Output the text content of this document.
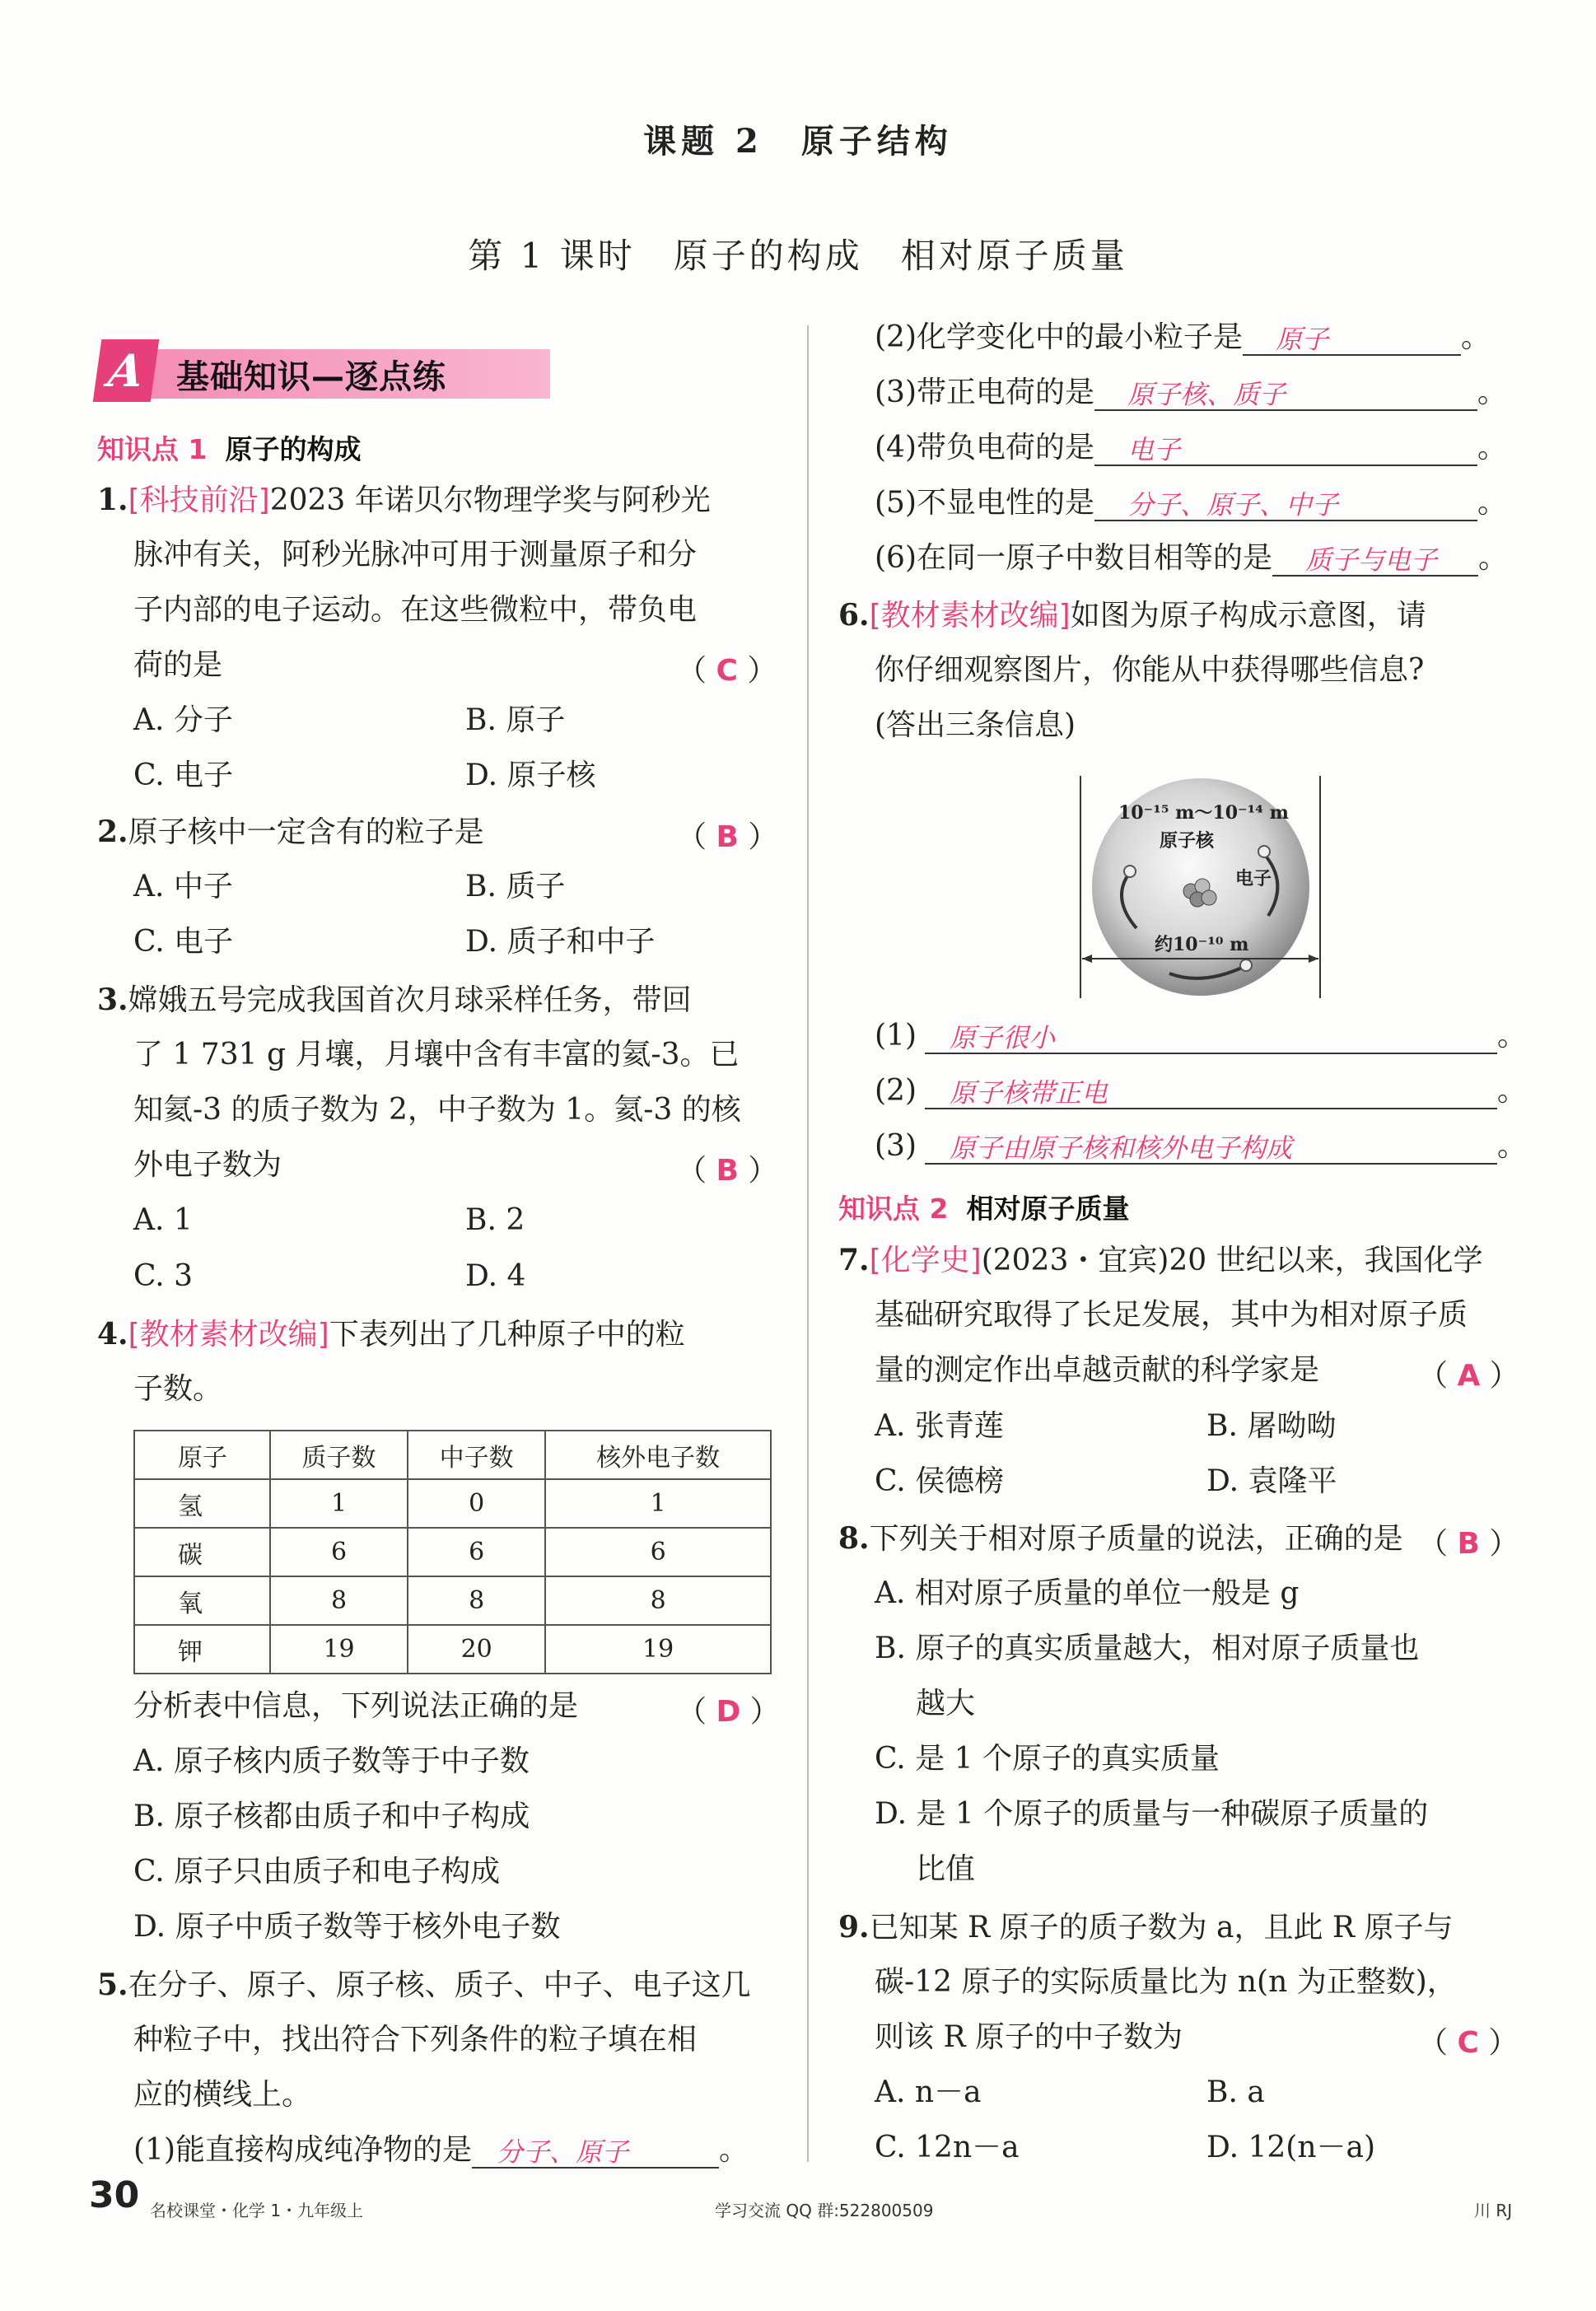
课题 2　原子结构
第 1 课时　原子的构成　相对原子质量
A 基础知识—逐点练
知识点 1 原子的构成
1.[科技前沿]2023 年诺贝尔物理学奖与阿秒光
脉冲有关，阿秒光脉冲可用于测量原子和分
子内部的电子运动。在这些微粒中，带负电
荷的是	（ C ）
A. 分子	B. 原子
C. 电子	D. 原子核
2.原子核中一定含有的粒子是	（ B ）
A. 中子	B. 质子
C. 电子	D. 质子和中子
3.嫦娥五号完成我国首次月球采样任务，带回
了 1 731 g 月壤，月壤中含有丰富的氦-3。已
知氦-3 的质子数为 2，中子数为 1。氦-3 的核
外电子数为	（ B ）
A. 1	B. 2
C. 3	D. 4
4.[教材素材改编]下表列出了几种原子中的粒
子数。
原子	质子数	中子数	核外电子数
氢	1	0	1
碳	6	6	6
氧	8	8	8
钾	19	20	19
分析表中信息，下列说法正确的是	（ D ）
A. 原子核内质子数等于中子数
B. 原子核都由质子和中子构成
C. 原子只由质子和电子构成
D. 原子中质子数等于核外电子数
5.在分子、原子、原子核、质子、中子、电子这几
种粒子中，找出符合下列条件的粒子填在相
应的横线上。
(1)能直接构成纯净物的是 分子、原子	。
(2)化学变化中的最小粒子是 原子	。
(3)带正电荷的是 原子核、质子	。
(4)带负电荷的是 电子	。
(5)不显电性的是 分子、原子、中子	。
(6)在同一原子中数目相等的是 质子与电子 。
6.[教材素材改编]如图为原子构成示意图，请
你仔细观察图片，你能从中获得哪些信息?
(答出三条信息)
10⁻¹⁵ m～10⁻¹⁴ m
原子核
电子
约10⁻¹⁰ m
(1) 原子很小	。
(2) 原子核带正电	。
(3) 原子由原子核和核外电子构成	。
知识点 2 相对原子质量
7.[化学史](2023・宜宾)20 世纪以来，我国化学
基础研究取得了长足发展，其中为相对原子质
量的测定作出卓越贡献的科学家是	（ A ）
A. 张青莲	B. 屠呦呦
C. 侯德榜	D. 袁隆平
8.下列关于相对原子质量的说法，正确的是 （ B ）
A. 相对原子质量的单位一般是 g
B. 原子的真实质量越大，相对原子质量也
越大
C. 是 1 个原子的真实质量
D. 是 1 个原子的质量与一种碳原子质量的
比值
9.已知某 R 原子的质子数为 a，且此 R 原子与
碳-12 原子的实际质量比为 n(n 为正整数)，
则该 R 原子的中子数为	（ C ）
A. n－a	B. a
C. 12n－a	D. 12(n－a)
30 名校课堂・化学 1・九年级上	学习交流 QQ 群:522800509	川 RJ
